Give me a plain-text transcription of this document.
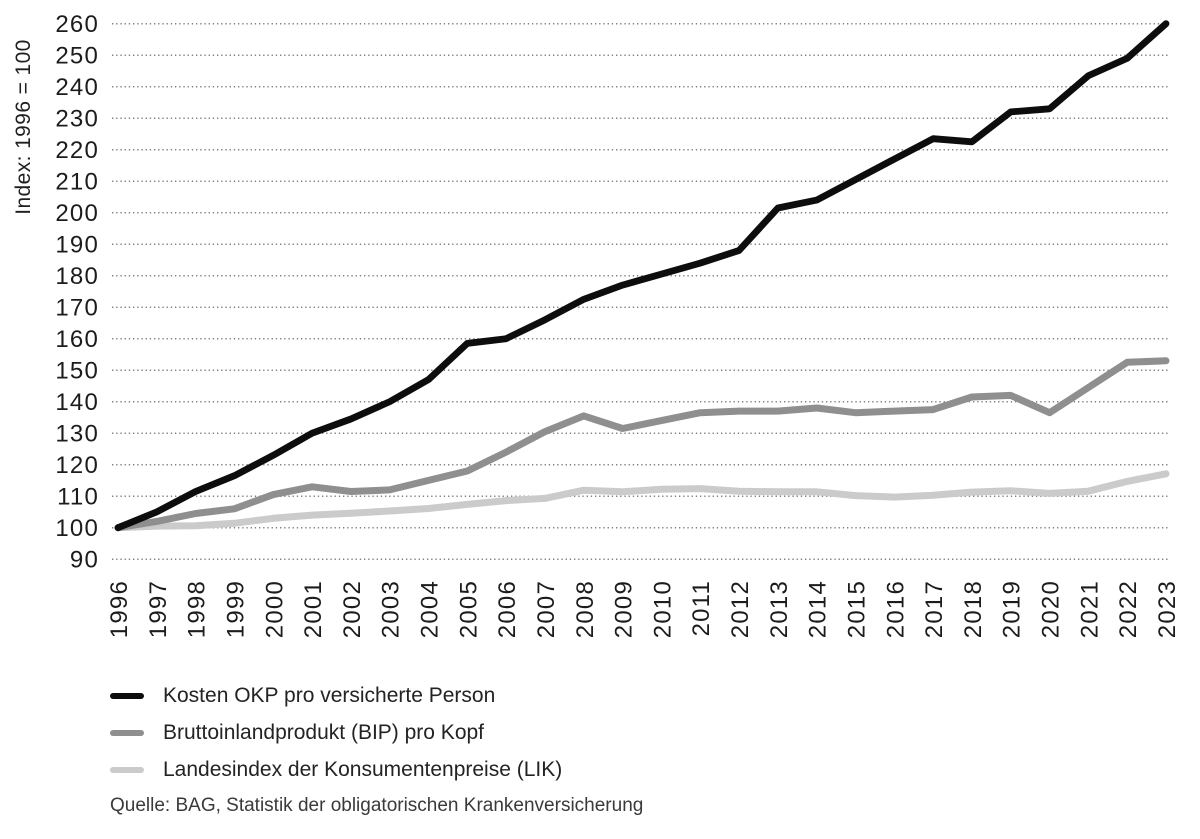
90
100
110
120
130
140
150
160
170
180
190
200
210
220
230
240
250
260
1996 1997 1998 1999 2000 2001 2002 2003 2004 2005 2006 2007 2008 2009 2010 2011 2012 2013 2014 2015 2016 2017 2018 2019 2020 2021 2022 2023
Index: 1996 = 100
Kosten OKP pro versicherte Person
Bruttoinlandprodukt (BIP) pro Kopf
Landesindex der Konsumentenpreise (LIK)
Quelle: BAG, Statistik der obligatorischen Krankenversicherung
